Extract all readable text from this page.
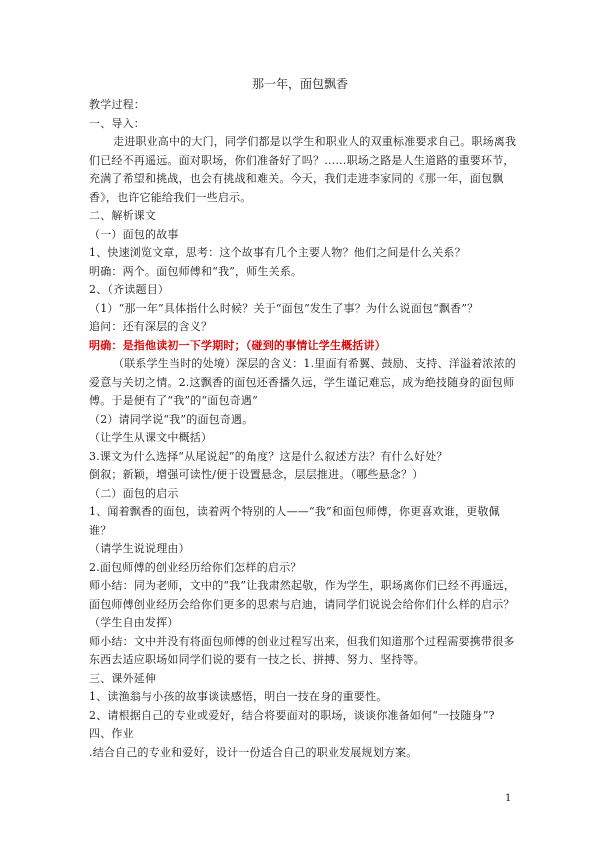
那一年，面包飘香

教学过程：

一、导入：

走进职业高中的大门，同学们都是以学生和职业人的双重标准要求自己。职场离我们已经不再遥远。面对职场，你们准备好了吗？……职场之路是人生道路的重要环节，充满了希望和挑战，也会有挑战和难关。今天，我们走进李家同的《那一年，面包飘香》，也许它能给我们一些启示。

二、解析课文

（一）面包的故事

1、快速浏览文章，思考：这个故事有几个主要人物？他们之间是什么关系？

明确：两个。面包师傅和“我”，师生关系。

2、（齐读题目）

（1）“那一年”具体指什么时候？关于“面包”发生了事？为什么说面包“飘香”？

追问：还有深层的含义？

明确：是指他读初一下学期时；（碰到的事情让学生概括讲）

（联系学生当时的处境）深层的含义：1.里面有希翼、鼓励、支持、洋溢着浓浓的爱意与关切之情。2.这飘香的面包还香播久远，学生谨记难忘，成为绝技随身的面包师傅。于是便有了“我”的“面包奇遇”

（2）请同学说“我”的面包奇遇。

（让学生从课文中概括）

3.课文为什么选择“从尾说起”的角度？这是什么叙述方法？有什么好处？

倒叙；新颖，增强可读性/便于设置悬念，层层推进。（哪些悬念？）

（二）面包的启示

1、闻着飘香的面包，读着两个特别的人——“我”和面包师傅，你更喜欢谁，更敬佩谁？

（请学生说说理由）

2.面包师傅的创业经历给你们怎样的启示？

师小结：同为老师，文中的“我”让我肃然起敬，作为学生，职场离你们已经不再遥远，面包师傅创业经历会给你们更多的思索与启迪，请同学们说说会给你们什么样的启示？

（学生自由发挥）

师小结：文中并没有将面包师傅的创业过程写出来，但我们知道那个过程需要携带很多东西去适应职场如同学们说的要有一技之长、拼搏、努力、坚持等。

三、课外延伸

1、读渔翁与小孩的故事谈读感悟，明白一技在身的重要性。

2、请根据自己的专业或爱好，结合将要面对的职场，谈谈你准备如何“一技随身”?

四、作业

.结合自己的专业和爱好，设计一份适合自己的职业发展规划方案。

1
